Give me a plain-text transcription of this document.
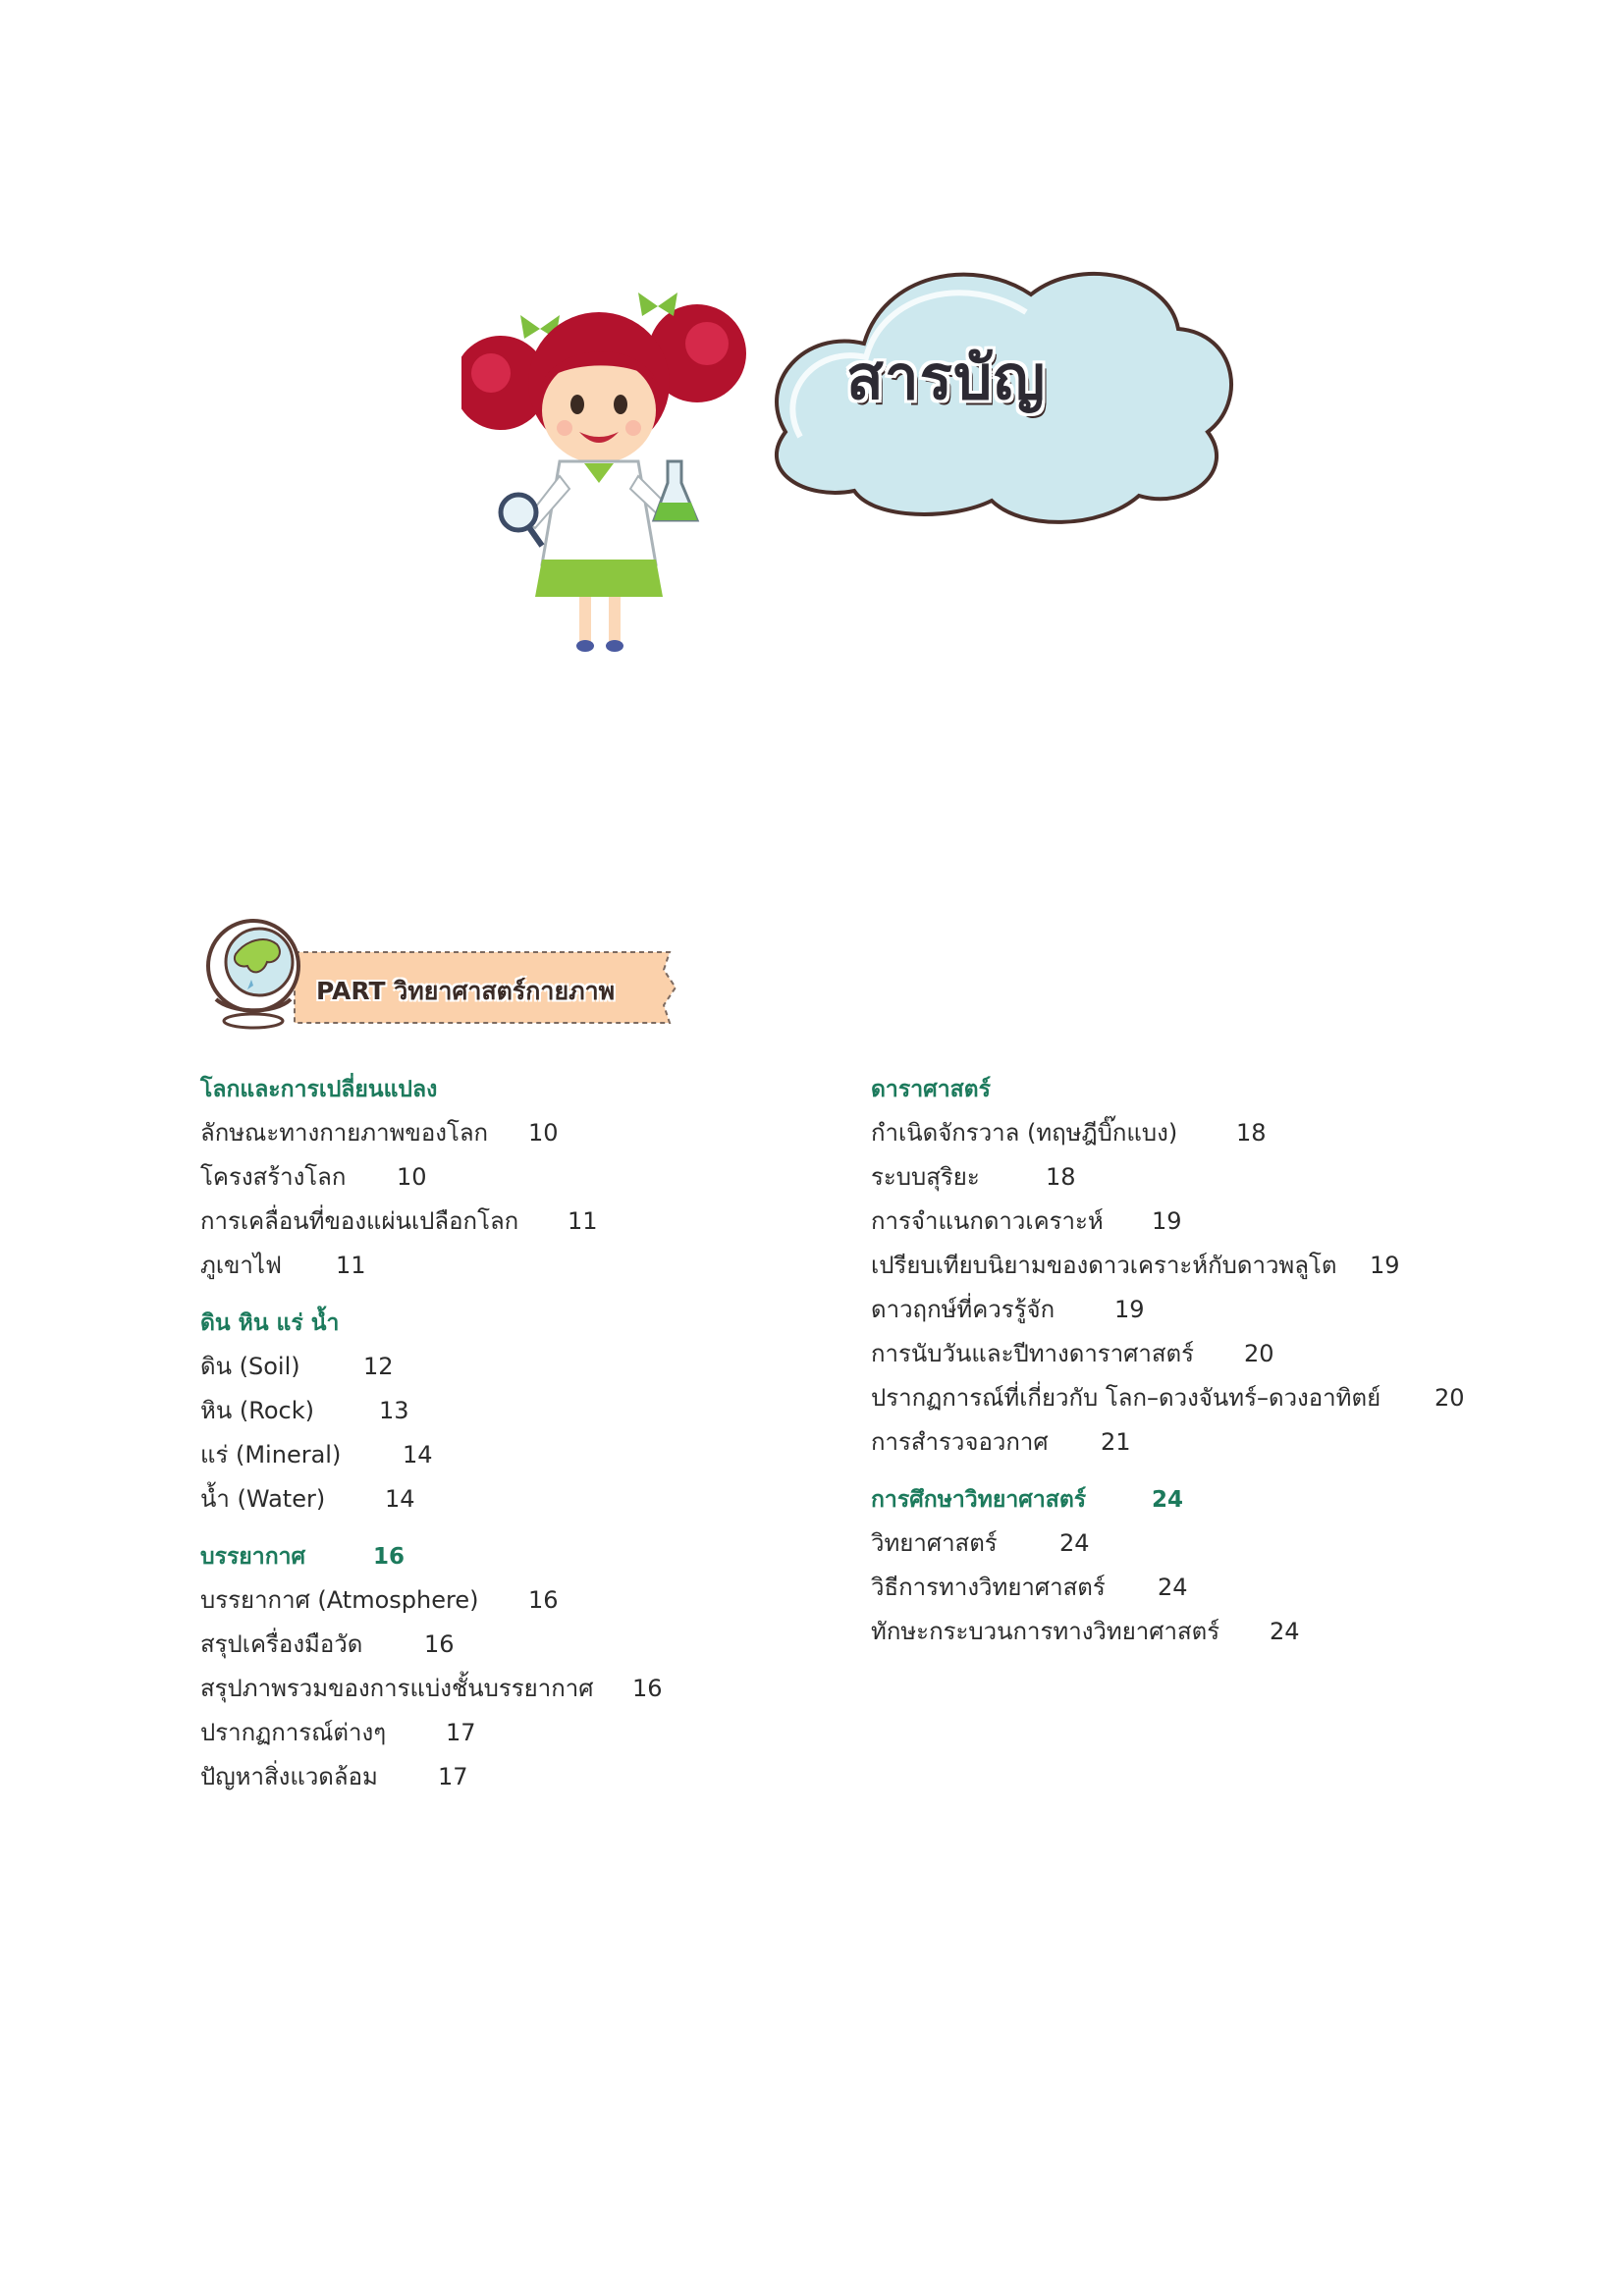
สารบัญ
PART วิทยาศาสตร์กายภาพ
โลกและการเปลี่ยนแปลง
ลักษณะทางกายภาพของโลก 10
โครงสร้างโลก 10
การเคลื่อนที่ของแผ่นเปลือกโลก 11
ภูเขาไฟ 11
ดิน หิน แร่ น้ำ
ดิน (Soil)	12
หิน (Rock)	13
แร่ (Mineral)	14
น้ำ (Water)	14
บรรยากาศ	16
บรรยากาศ (Atmosphere) 16
สรุปเครื่องมือวัด	16
สรุปภาพรวมของการแบ่งชั้นบรรยากาศ 16
ปรากฏการณ์ต่างๆ	17
ปัญหาสิ่งแวดล้อม	17
ดาราศาสตร์
กำเนิดจักรวาล (ทฤษฎีบิ๊กแบง) 18
ระบบสุริยะ	18
การจำแนกดาวเคราะห์ 19
เปรียบเทียบนิยามของดาวเคราะห์กับดาวพลูโต 19
ดาวฤกษ์ที่ควรรู้จัก	19
การนับวันและปีทางดาราศาสตร์ 20
ปรากฏการณ์ที่เกี่ยวกับ โลก–ดวงจันทร์–ดวงอาทิตย์ 20
การสำรวจอวกาศ 21
การศึกษาวิทยาศาสตร์	24
วิทยาศาสตร์	24
วิธีการทางวิทยาศาสตร์ 24
ทักษะกระบวนการทางวิทยาศาสตร์ 24
